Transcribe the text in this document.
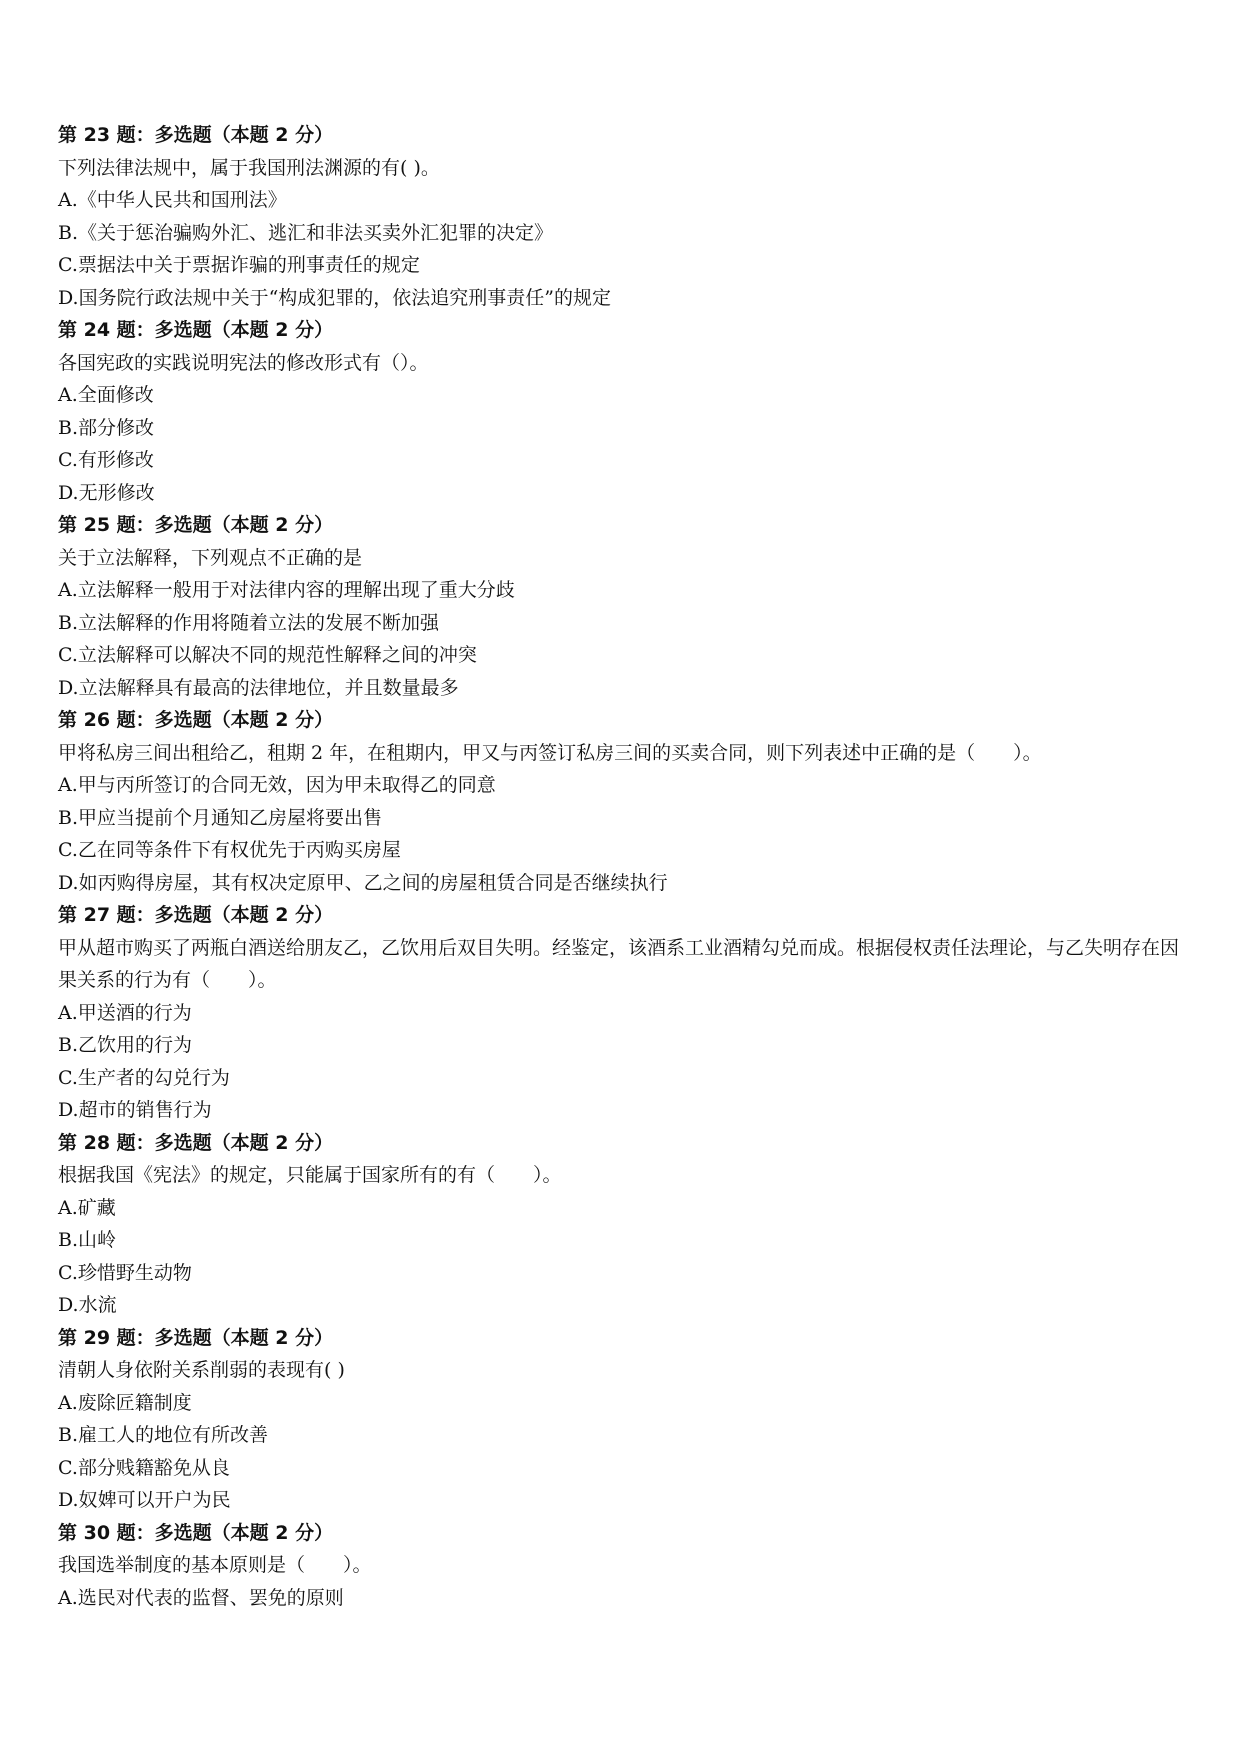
第 23 题：多选题（本题 2 分）
下列法律法规中，属于我国刑法渊源的有( )。
A.《中华人民共和国刑法》
B.《关于惩治骗购外汇、逃汇和非法买卖外汇犯罪的决定》
C.票据法中关于票据诈骗的刑事责任的规定
D.国务院行政法规中关于“构成犯罪的，依法追究刑事责任”的规定
第 24 题：多选题（本题 2 分）
各国宪政的实践说明宪法的修改形式有（）。
A.全面修改
B.部分修改
C.有形修改
D.无形修改
第 25 题：多选题（本题 2 分）
关于立法解释，下列观点不正确的是
A.立法解释一般用于对法律内容的理解出现了重大分歧
B.立法解释的作用将随着立法的发展不断加强
C.立法解释可以解决不同的规范性解释之间的冲突
D.立法解释具有最高的法律地位，并且数量最多
第 26 题：多选题（本题 2 分）
甲将私房三间出租给乙，租期 2 年，在租期内，甲又与丙签订私房三间的买卖合同，则下列表述中正确的是（　　）。
A.甲与丙所签订的合同无效，因为甲未取得乙的同意
B.甲应当提前个月通知乙房屋将要出售
C.乙在同等条件下有权优先于丙购买房屋
D.如丙购得房屋，其有权决定原甲、乙之间的房屋租赁合同是否继续执行
第 27 题：多选题（本题 2 分）
甲从超市购买了两瓶白酒送给朋友乙，乙饮用后双目失明。经鉴定，该酒系工业酒精勾兑而成。根据侵权责任法理论，与乙失明存在因果关系的行为有（　　）。
A.甲送酒的行为
B.乙饮用的行为
C.生产者的勾兑行为
D.超市的销售行为
第 28 题：多选题（本题 2 分）
根据我国《宪法》的规定，只能属于国家所有的有（　　）。
A.矿藏
B.山岭
C.珍惜野生动物
D.水流
第 29 题：多选题（本题 2 分）
清朝人身依附关系削弱的表现有( )
A.废除匠籍制度
B.雇工人的地位有所改善
C.部分贱籍豁免从良
D.奴婢可以开户为民
第 30 题：多选题（本题 2 分）
我国选举制度的基本原则是（　　）。
A.选民对代表的监督、罢免的原则
